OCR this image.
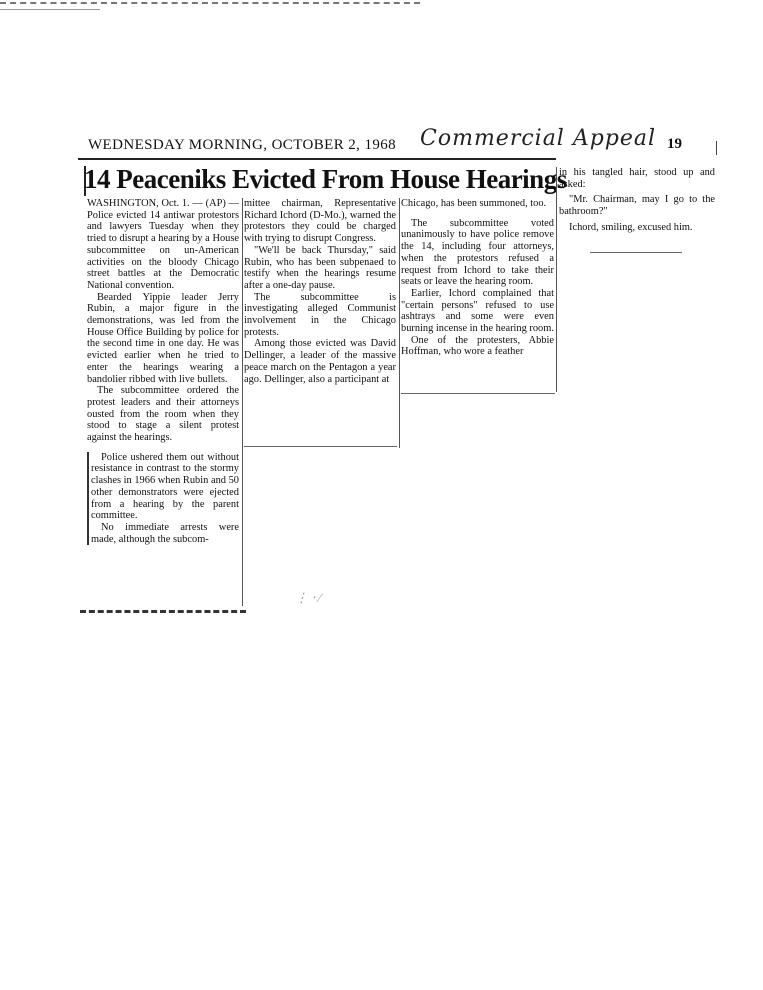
WEDNESDAY MORNING, OCTOBER 2, 1968 Commercial Appeal 19
14 Peaceniks Evicted From House Hearings

WASHINGTON, Oct. 1. — (AP) — Police evicted 14 antiwar protestors and lawyers Tuesday when they tried to disrupt a hearing by a House subcommittee on un-American activities on the bloody Chicago street battles at the Democratic National convention.

Bearded Yippie leader Jerry Rubin, a major figure in the demonstrations, was led from the House Office Building by police for the second time in one day. He was evicted earlier when he tried to enter the hearings wearing a bandolier ribbed with live bullets.

The subcommittee ordered the protest leaders and their attorneys ousted from the room when they stood to stage a silent protest against the hearings.

Police ushered them out without resistance in contrast to the stormy clashes in 1966 when Rubin and 50 other demonstrators were ejected from a hearing by the parent committee.

No immediate arrests were made, although the subcom-

mittee chairman, Representative Richard Ichord (D-Mo.), warned the protestors they could be charged with trying to disrupt Congress.

"We'll be back Thursday," said Rubin, who has been subpenaed to testify when the hearings resume after a one-day pause.

The subcommittee is investigating alleged Communist involvement in the Chicago protests.

Among those evicted was David Dellinger, a leader of the massive peace march on the Pentagon a year ago. Dellinger, also a participant at

Chicago, has been summoned, too.

The subcommittee voted unanimously to have police remove the 14, including four attorneys, when the protestors refused a request from Ichord to take their seats or leave the hearing room.

Earlier, Ichord complained that "certain persons" refused to use ashtrays and some were even burning incense in the hearing room.

One of the protesters, Abbie Hoffman, who wore a feather

in his tangled hair, stood up and asked:

"Mr. Chairman, may I go to the bathroom?"

Ichord, smiling, excused him.

⋮ ‧ ∕
